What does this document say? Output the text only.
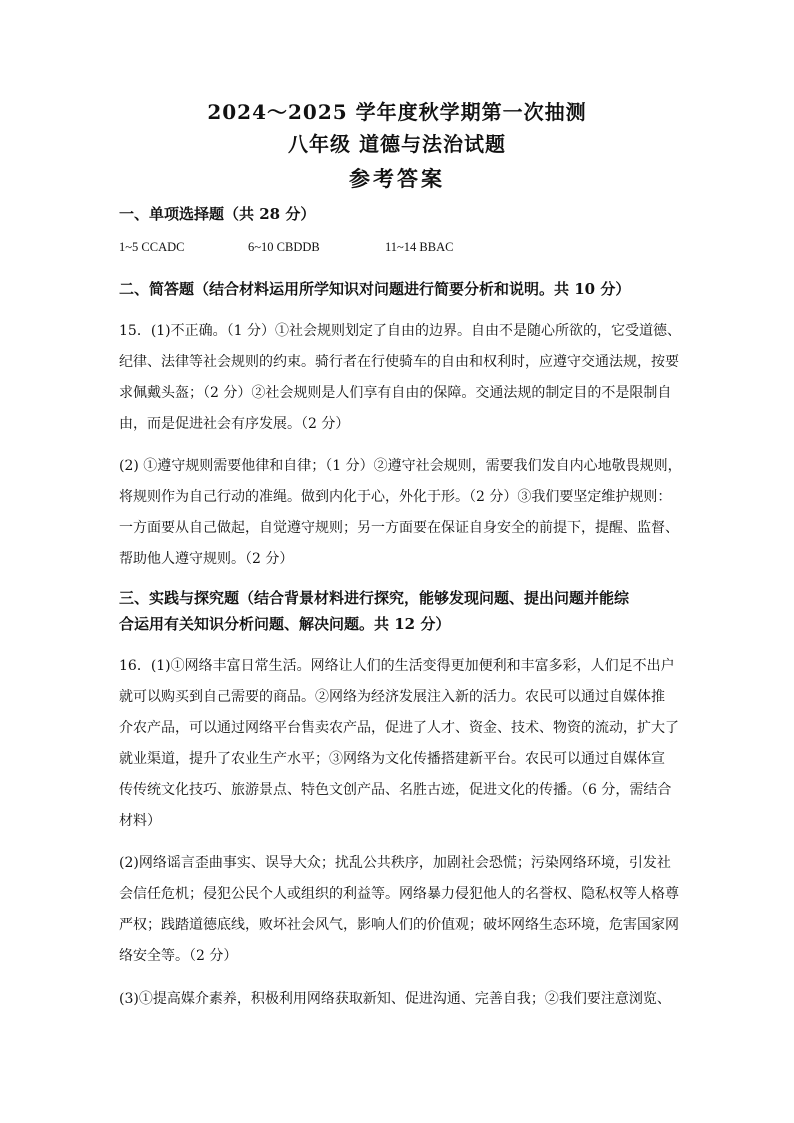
2024～2025 学年度秋学期第一次抽测
八年级 道德与法治试题
参考答案
一、单项选择题（共 28 分）
1~5 CCADC	6~10 CBDDB	11~14 BBAC
二、简答题（结合材料运用所学知识对问题进行简要分析和说明。共 10 分）
15．(1)不正确。（1 分）①社会规则划定了自由的边界。自由不是随心所欲的，它受道德、
纪律、法律等社会规则的约束。骑行者在行使骑车的自由和权利时，应遵守交通法规，按要
求佩戴头盔；（2 分）②社会规则是人们享有自由的保障。交通法规的制定目的不是限制自
由，而是促进社会有序发展。（2 分）
(2) ①遵守规则需要他律和自律；（1 分）②遵守社会规则，需要我们发自内心地敬畏规则，
将规则作为自己行动的准绳。做到内化于心，外化于形。（2 分）③我们要坚定维护规则：
一方面要从自己做起，自觉遵守规则；另一方面要在保证自身安全的前提下，提醒、监督、
帮助他人遵守规则。（2 分）
三、实践与探究题（结合背景材料进行探究，能够发现问题、提出问题并能综
合运用有关知识分析问题、解决问题。共 12 分）
16．(1)①网络丰富日常生活。网络让人们的生活变得更加便利和丰富多彩，人们足不出户
就可以购买到自己需要的商品。②网络为经济发展注入新的活力。农民可以通过自媒体推
介农产品，可以通过网络平台售卖农产品，促进了人才、资金、技术、物资的流动，扩大了
就业渠道，提升了农业生产水平；③网络为文化传播搭建新平台。农民可以通过自媒体宣
传传统文化技巧、旅游景点、特色文创产品、名胜古迹，促进文化的传播。（6 分，需结合
材料）
(2)网络谣言歪曲事实、误导大众；扰乱公共秩序，加剧社会恐慌；污染网络环境，引发社
会信任危机；侵犯公民个人或组织的利益等。网络暴力侵犯他人的名誉权、隐私权等人格尊
严权；践踏道德底线，败坏社会风气，影响人们的价值观；破坏网络生态环境，危害国家网
络安全等。（2 分）
(3)①提高媒介素养，积极利用网络获取新知、促进沟通、完善自我；②我们要注意浏览、
